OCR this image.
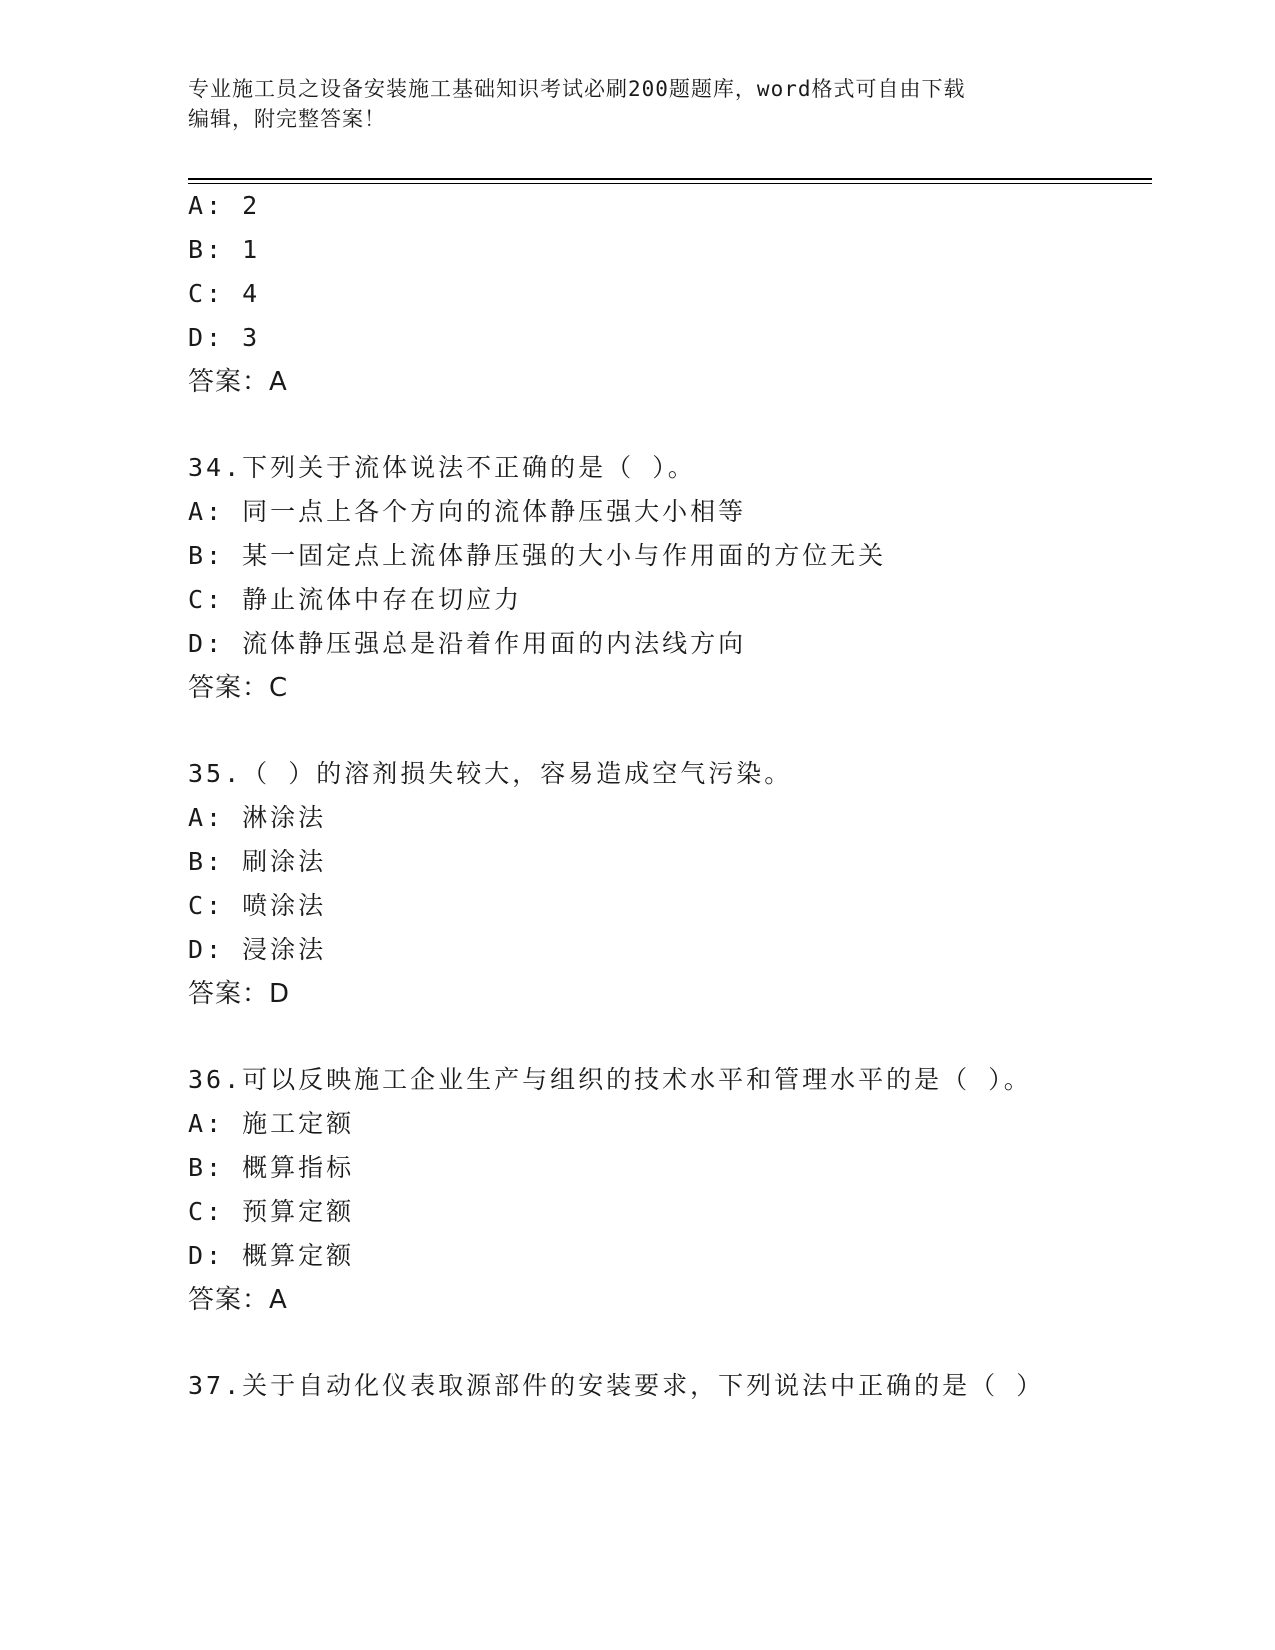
专业施工员之设备安装施工基础知识考试必刷200题题库，word格式可自由下载
编辑，附完整答案！
A: 2
B: 1
C: 4
D: 3
答案：A
34.下列关于流体说法不正确的是（ ）。
A: 同一点上各个方向的流体静压强大小相等
B: 某一固定点上流体静压强的大小与作用面的方位无关
C: 静止流体中存在切应力
D: 流体静压强总是沿着作用面的内法线方向
答案：C
35.（ ）的溶剂损失较大，容易造成空气污染。
A: 淋涂法
B: 刷涂法
C: 喷涂法
D: 浸涂法
答案：D
36.可以反映施工企业生产与组织的技术水平和管理水平的是（ ）。
A: 施工定额
B: 概算指标
C: 预算定额
D: 概算定额
答案：A
37.关于自动化仪表取源部件的安装要求，下列说法中正确的是（ ）
